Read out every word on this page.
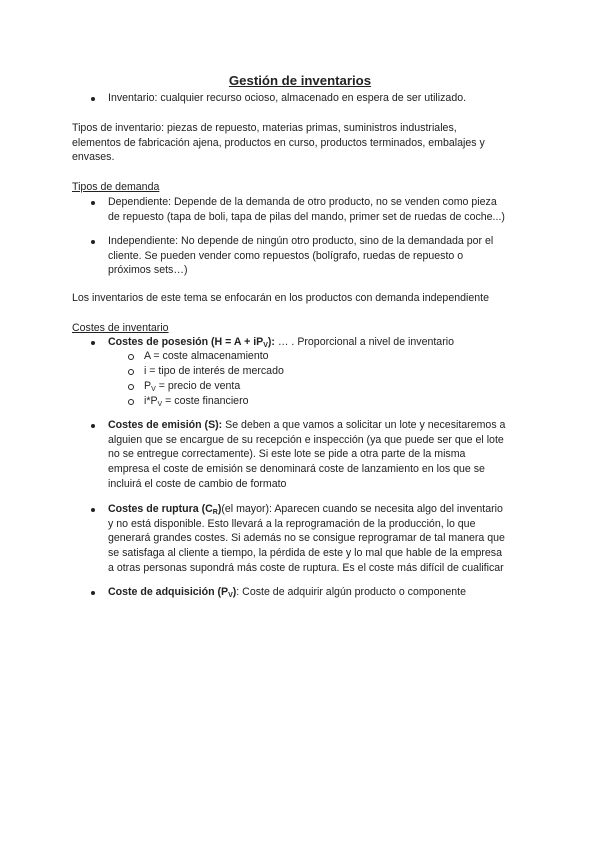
Gestión de inventarios

Inventario: cualquier recurso ocioso, almacenado en espera de ser utilizado.

Tipos de inventario: piezas de repuesto, materias primas, suministros industriales,

elementos de fabricación ajena, productos en curso, productos terminados, embalajes y

envases.

Tipos de demanda

Dependiente: Depende de la demanda de otro producto, no se venden como pieza

de repuesto (tapa de boli, tapa de pilas del mando, primer set de ruedas de coche...)

Independiente: No depende de ningún otro producto, sino de la demandada por el

cliente. Se pueden vender como repuestos (bolígrafo, ruedas de repuesto o

próximos sets…)

Los inventarios de este tema se enfocarán en los productos con demanda independiente

Costes de inventario

Costes de posesión $(H = A + iP_V)$: … . Proporcional a nivel de inventario

A = coste almacenamiento

i = tipo de interés de mercado

$P_V$ = precio de venta

$i*P_V$ = coste financiero

Costes de emisión (S): Se deben a que vamos a solicitar un lote y necesitaremos a

alguien que se encargue de su recepción e inspección (ya que puede ser que el lote

no se entregue correctamente). Si este lote se pide a otra parte de la misma

empresa el coste de emisión se denominará coste de lanzamiento en los que se

incluirá el coste de cambio de formato

Costes de ruptura $(C_R)(el$ mayor): Aparecen cuando se necesita algo del inventario

y no está disponible. Esto llevará a la reprogramación de la producción, lo que

generará grandes costes. Si además no se consigue reprogramar de tal manera que

se satisfaga al cliente a tiempo, la pérdida de este y lo mal que hable de la empresa

a otras personas supondrá más coste de ruptura. Es el coste más difícil de cualificar

Coste de adquisición $(P_V)$: Coste de adquirir algún producto o componente
